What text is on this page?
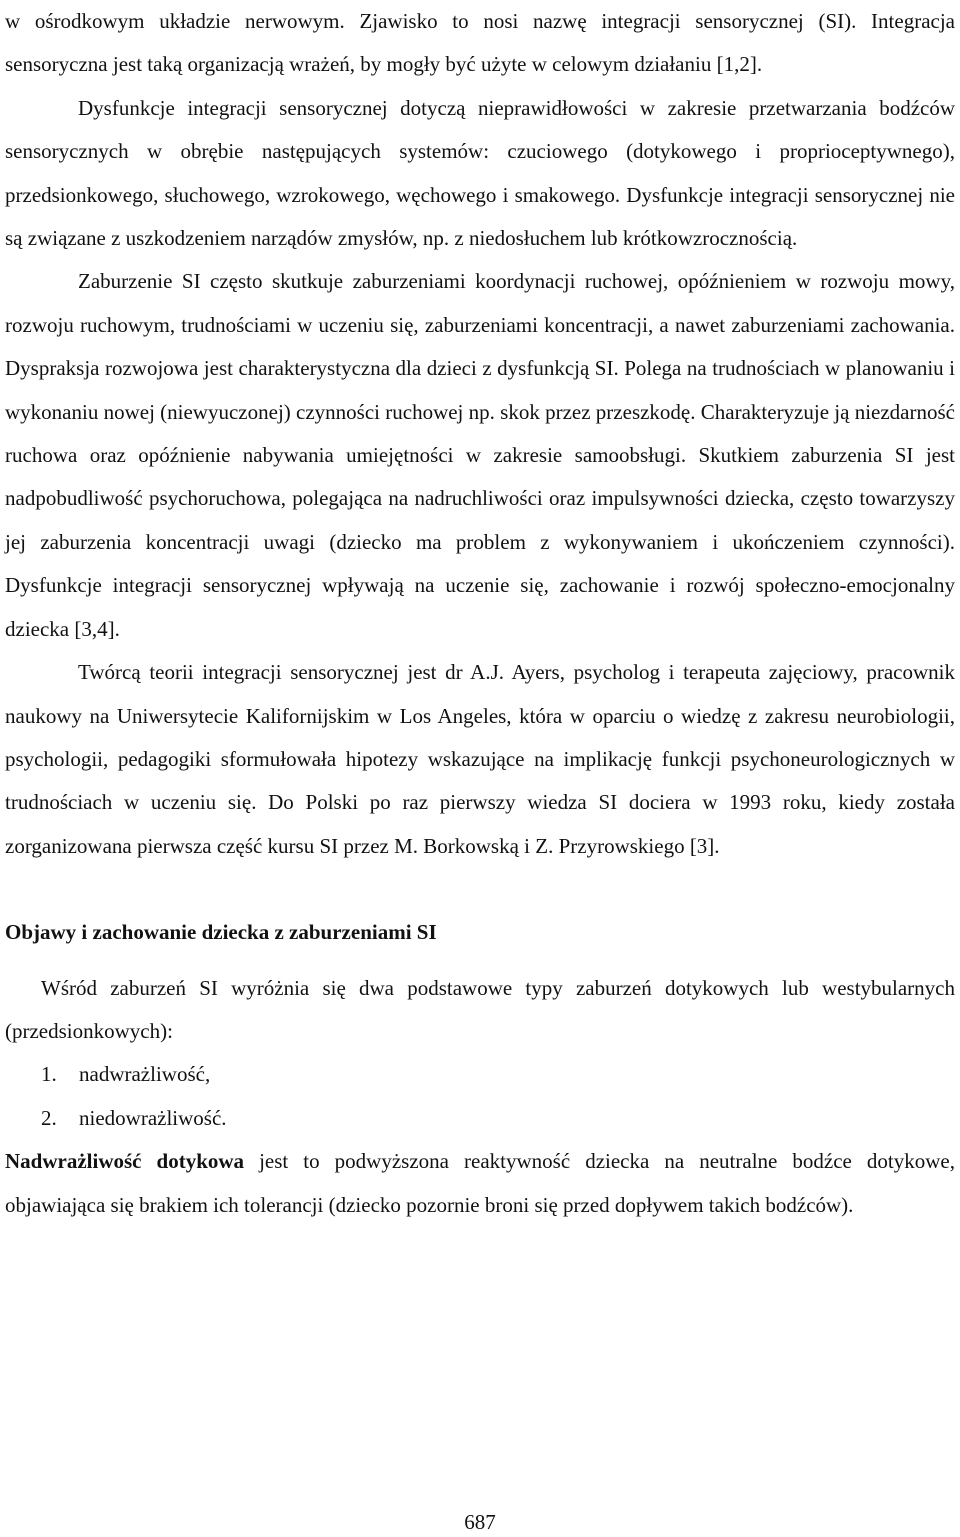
w ośrodkowym układzie nerwowym. Zjawisko to nosi nazwę integracji sensorycznej (SI). Integracja sensoryczna jest taką organizacją wrażeń, by mogły być użyte w celowym działaniu [1,2].

Dysfunkcje integracji sensorycznej dotyczą nieprawidłowości w zakresie przetwarzania bodźców sensorycznych w obrębie następujących systemów: czuciowego (dotykowego i proprioceptywnego), przedsionkowego, słuchowego, wzrokowego, węchowego i smakowego. Dysfunkcje integracji sensorycznej nie są związane z uszkodzeniem narządów zmysłów, np. z niedosłuchem lub krótkowzrocznością.

Zaburzenie SI często skutkuje zaburzeniami koordynacji ruchowej, opóźnieniem w rozwoju mowy, rozwoju ruchowym, trudnościami w uczeniu się, zaburzeniami koncentracji, a nawet zaburzeniami zachowania. Dyspraksja rozwojowa jest charakterystyczna dla dzieci z dysfunkcją SI. Polega na trudnościach w planowaniu i wykonaniu nowej (niewyuczonej) czynności ruchowej np. skok przez przeszkodę. Charakteryzuje ją niezdarność ruchowa oraz opóźnienie nabywania umiejętności w zakresie samoobsługi. Skutkiem zaburzenia SI jest nadpobudliwość psychoruchowa, polegająca na nadruchliwości oraz impulsywności dziecka, często towarzyszy jej zaburzenia koncentracji uwagi (dziecko ma problem z wykonywaniem i ukończeniem czynności). Dysfunkcje integracji sensorycznej wpływają na uczenie się, zachowanie i rozwój społeczno-emocjonalny dziecka [3,4].

Twórcą teorii integracji sensorycznej jest dr A.J. Ayers, psycholog i terapeuta zajęciowy, pracownik naukowy na Uniwersytecie Kalifornijskim w Los Angeles, która w oparciu o wiedzę z zakresu neurobiologii, psychologii, pedagogiki sformułowała hipotezy wskazujące na implikację funkcji psychoneurologicznych w trudnościach w uczeniu się. Do Polski po raz pierwszy wiedza SI dociera w 1993 roku, kiedy została zorganizowana pierwsza część kursu SI przez M. Borkowską i Z. Przyrowskiego [3].

Objawy i zachowanie dziecka z zaburzeniami SI

Wśród zaburzeń SI wyróżnia się dwa podstawowe typy zaburzeń dotykowych lub westybularnych (przedsionkowych):

1. nadwrażliwość,
2. niedowrażliwość.

Nadwrażliwość dotykowa jest to podwyższona reaktywność dziecka na neutralne bodźce dotykowe, objawiająca się brakiem ich tolerancji (dziecko pozornie broni się przed dopływem takich bodźców).

687
